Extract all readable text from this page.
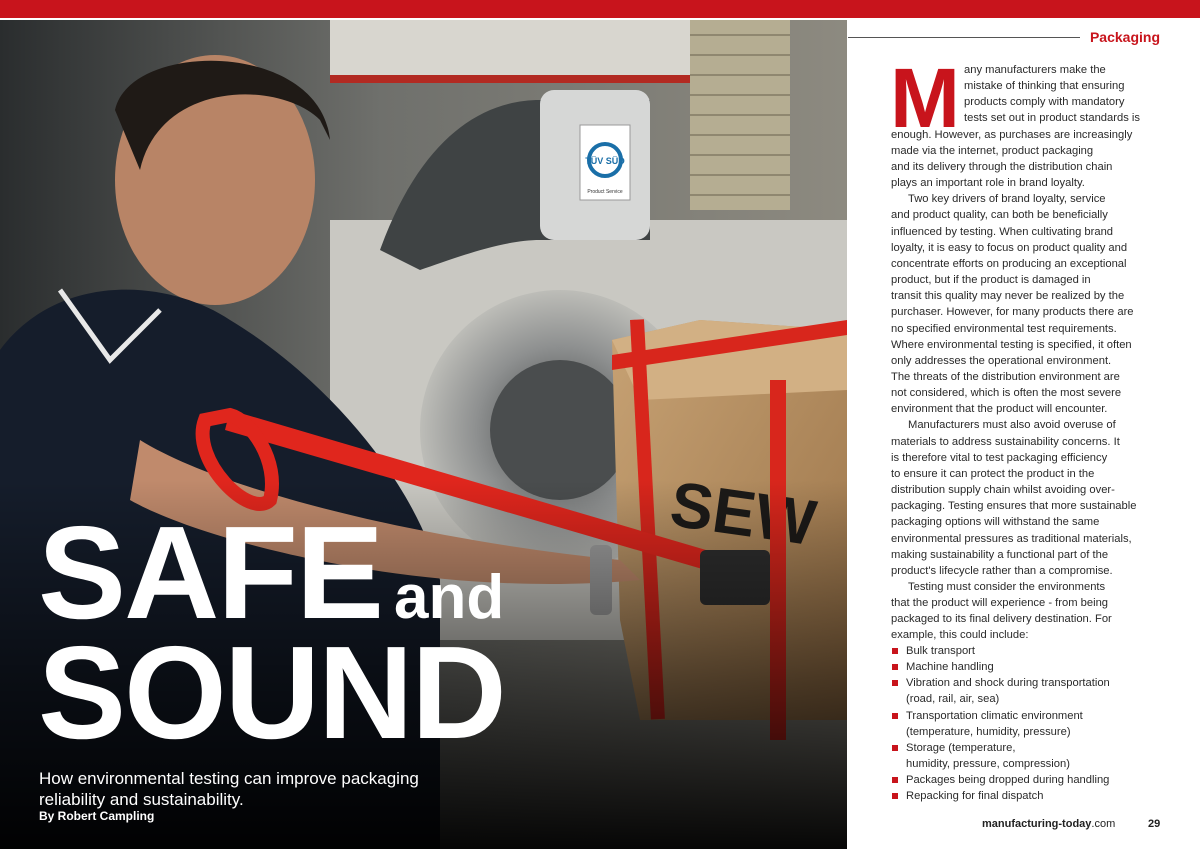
TÜV SÜD
Product Service
SAFE and
SOUND

How environmental testing can improve packaging reliability and sustainability.

By Robert Campling

Packaging

M any manufacturers make the
mistake of thinking that ensuring
products comply with mandatory
tests set out in product standards is
enough. However, as purchases are increasingly
made via the internet, product packaging
and its delivery through the distribution chain
plays an important role in brand loyalty.
Two key drivers of brand loyalty, service
and product quality, can both be beneficially
influenced by testing. When cultivating brand
loyalty, it is easy to focus on product quality and
concentrate efforts on producing an exceptional
product, but if the product is damaged in
transit this quality may never be realized by the
purchaser. However, for many products there are
no specified environmental test requirements.
Where environmental testing is specified, it often
only addresses the operational environment.
The threats of the distribution environment are
not considered, which is often the most severe
environment that the product will encounter.
Manufacturers must also avoid overuse of
materials to address sustainability concerns. It
is therefore vital to test packaging efficiency
to ensure it can protect the product in the
distribution supply chain whilst avoiding over-
packaging. Testing ensures that more sustainable
packaging options will withstand the same
environmental pressures as traditional materials,
making sustainability a functional part of the
product's lifecycle rather than a compromise.
Testing must consider the environments
that the product will experience - from being
packaged to its final delivery destination. For
example, this could include:
Bulk transport
Machine handling
Vibration and shock during transportation
(road, rail, air, sea)
Transportation climatic environment
(temperature, humidity, pressure)
Storage (temperature,
humidity, pressure, compression)
Packages being dropped during handling
Repacking for final dispatch

manufacturing-today.com	29
